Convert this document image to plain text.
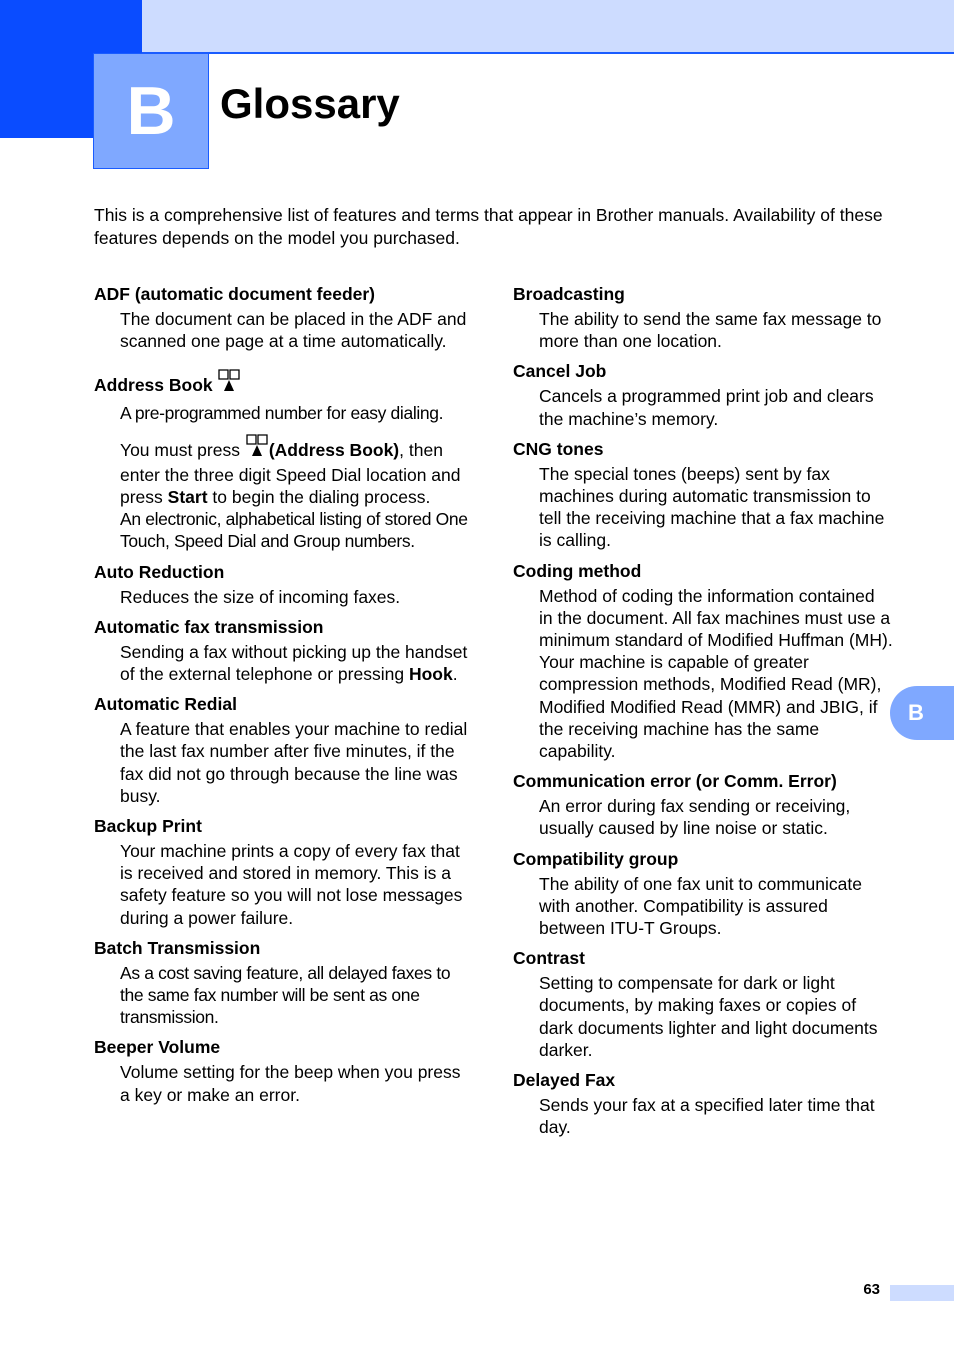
B	Glossary

This is a comprehensive list of features and terms that appear in Brother manuals. Availability of these features depends on the model you purchased.

ADF (automatic document feeder)

The document can be placed in the ADF and scanned one page at a time automatically.

Address Book

A pre-programmed number for easy dialing.

You must press (Address Book), then enter the three digit Speed Dial location and press Start to begin the dialing process.

An electronic, alphabetical listing of stored One Touch, Speed Dial and Group numbers.

Auto Reduction

Reduces the size of incoming faxes.

Automatic fax transmission

Sending a fax without picking up the handset of the external telephone or pressing Hook.

Automatic Redial

A feature that enables your machine to redial the last fax number after five minutes, if the fax did not go through because the line was busy.

Backup Print

Your machine prints a copy of every fax that is received and stored in memory. This is a safety feature so you will not lose messages during a power failure.

Batch Transmission

As a cost saving feature, all delayed faxes to the same fax number will be sent as one transmission.

Beeper Volume

Volume setting for the beep when you press a key or make an error.

Broadcasting

The ability to send the same fax message to more than one location.

Cancel Job

Cancels a programmed print job and clears the machine’s memory.

CNG tones

The special tones (beeps) sent by fax machines during automatic transmission to tell the receiving machine that a fax machine is calling.

Coding method

Method of coding the information contained in the document. All fax machines must use a minimum standard of Modified Huffman (MH). Your machine is capable of greater compression methods, Modified Read (MR), Modified Modified Read (MMR) and JBIG, if the receiving machine has the same capability.

Communication error (or Comm. Error)

An error during fax sending or receiving, usually caused by line noise or static.

Compatibility group

The ability of one fax unit to communicate with another. Compatibility is assured between ITU-T Groups.

Contrast

Setting to compensate for dark or light documents, by making faxes or copies of dark documents lighter and light documents darker.

Delayed Fax

Sends your fax at a specified later time that day.

B
63
